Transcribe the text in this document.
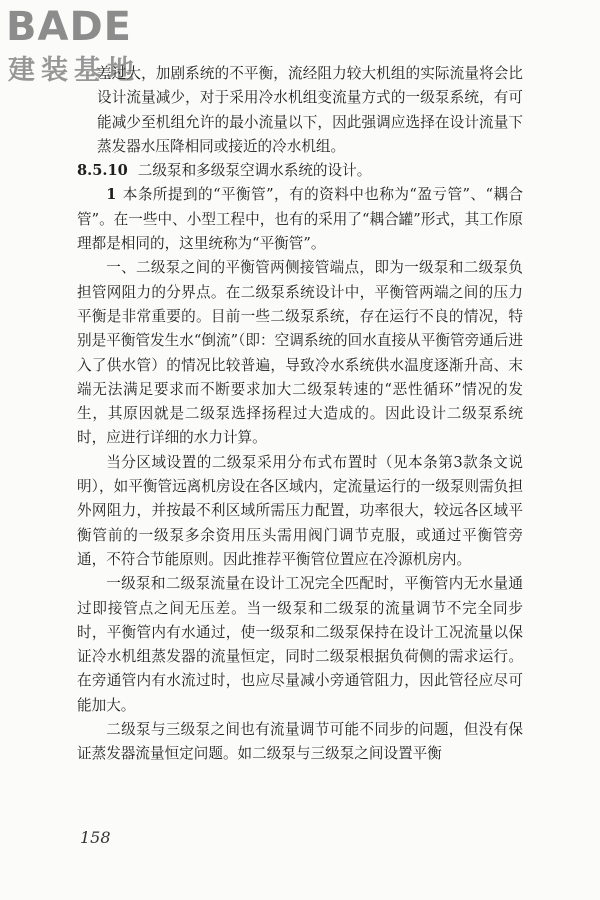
BADE
建装基地

差过大，加剧系统的不平衡，流经阻力较大机组的实际流量将会比设计流量减少，对于采用冷水机组变流量方式的一级泵系统，有可能减少至机组允许的最小流量以下，因此强调应选择在设计流量下蒸发器水压降相同或接近的冷水机组。

8.5.10 二级泵和多级泵空调水系统的设计。

1 本条所提到的“平衡管”，有的资料中也称为“盈亏管”、“耦合管”。在一些中、小型工程中，也有的采用了“耦合罐”形式，其工作原理都是相同的，这里统称为“平衡管”。

一、二级泵之间的平衡管两侧接管端点，即为一级泵和二级泵负担管网阻力的分界点。在二级泵系统设计中，平衡管两端之间的压力平衡是非常重要的。目前一些二级泵系统，存在运行不良的情况，特别是平衡管发生水“倒流”（即：空调系统的回水直接从平衡管旁通后进入了供水管）的情况比较普遍，导致冷水系统供水温度逐渐升高、末端无法满足要求而不断要求加大二级泵转速的“恶性循环”情况的发生，其原因就是二级泵选择扬程过大造成的。因此设计二级泵系统时，应进行详细的水力计算。

当分区域设置的二级泵采用分布式布置时（见本条第3款条文说明），如平衡管远离机房设在各区域内，定流量运行的一级泵则需负担外网阻力，并按最不利区域所需压力配置，功率很大，较远各区域平衡管前的一级泵多余资用压头需用阀门调节克服，或通过平衡管旁通，不符合节能原则。因此推荐平衡管位置应在冷源机房内。

一级泵和二级泵流量在设计工况完全匹配时，平衡管内无水量通过即接管点之间无压差。当一级泵和二级泵的流量调节不完全同步时，平衡管内有水通过，使一级泵和二级泵保持在设计工况流量以保证冷水机组蒸发器的流量恒定，同时二级泵根据负荷侧的需求运行。在旁通管内有水流过时，也应尽量减小旁通管阻力，因此管径应尽可能加大。

二级泵与三级泵之间也有流量调节可能不同步的问题，但没有保证蒸发器流量恒定问题。如二级泵与三级泵之间设置平衡

158
